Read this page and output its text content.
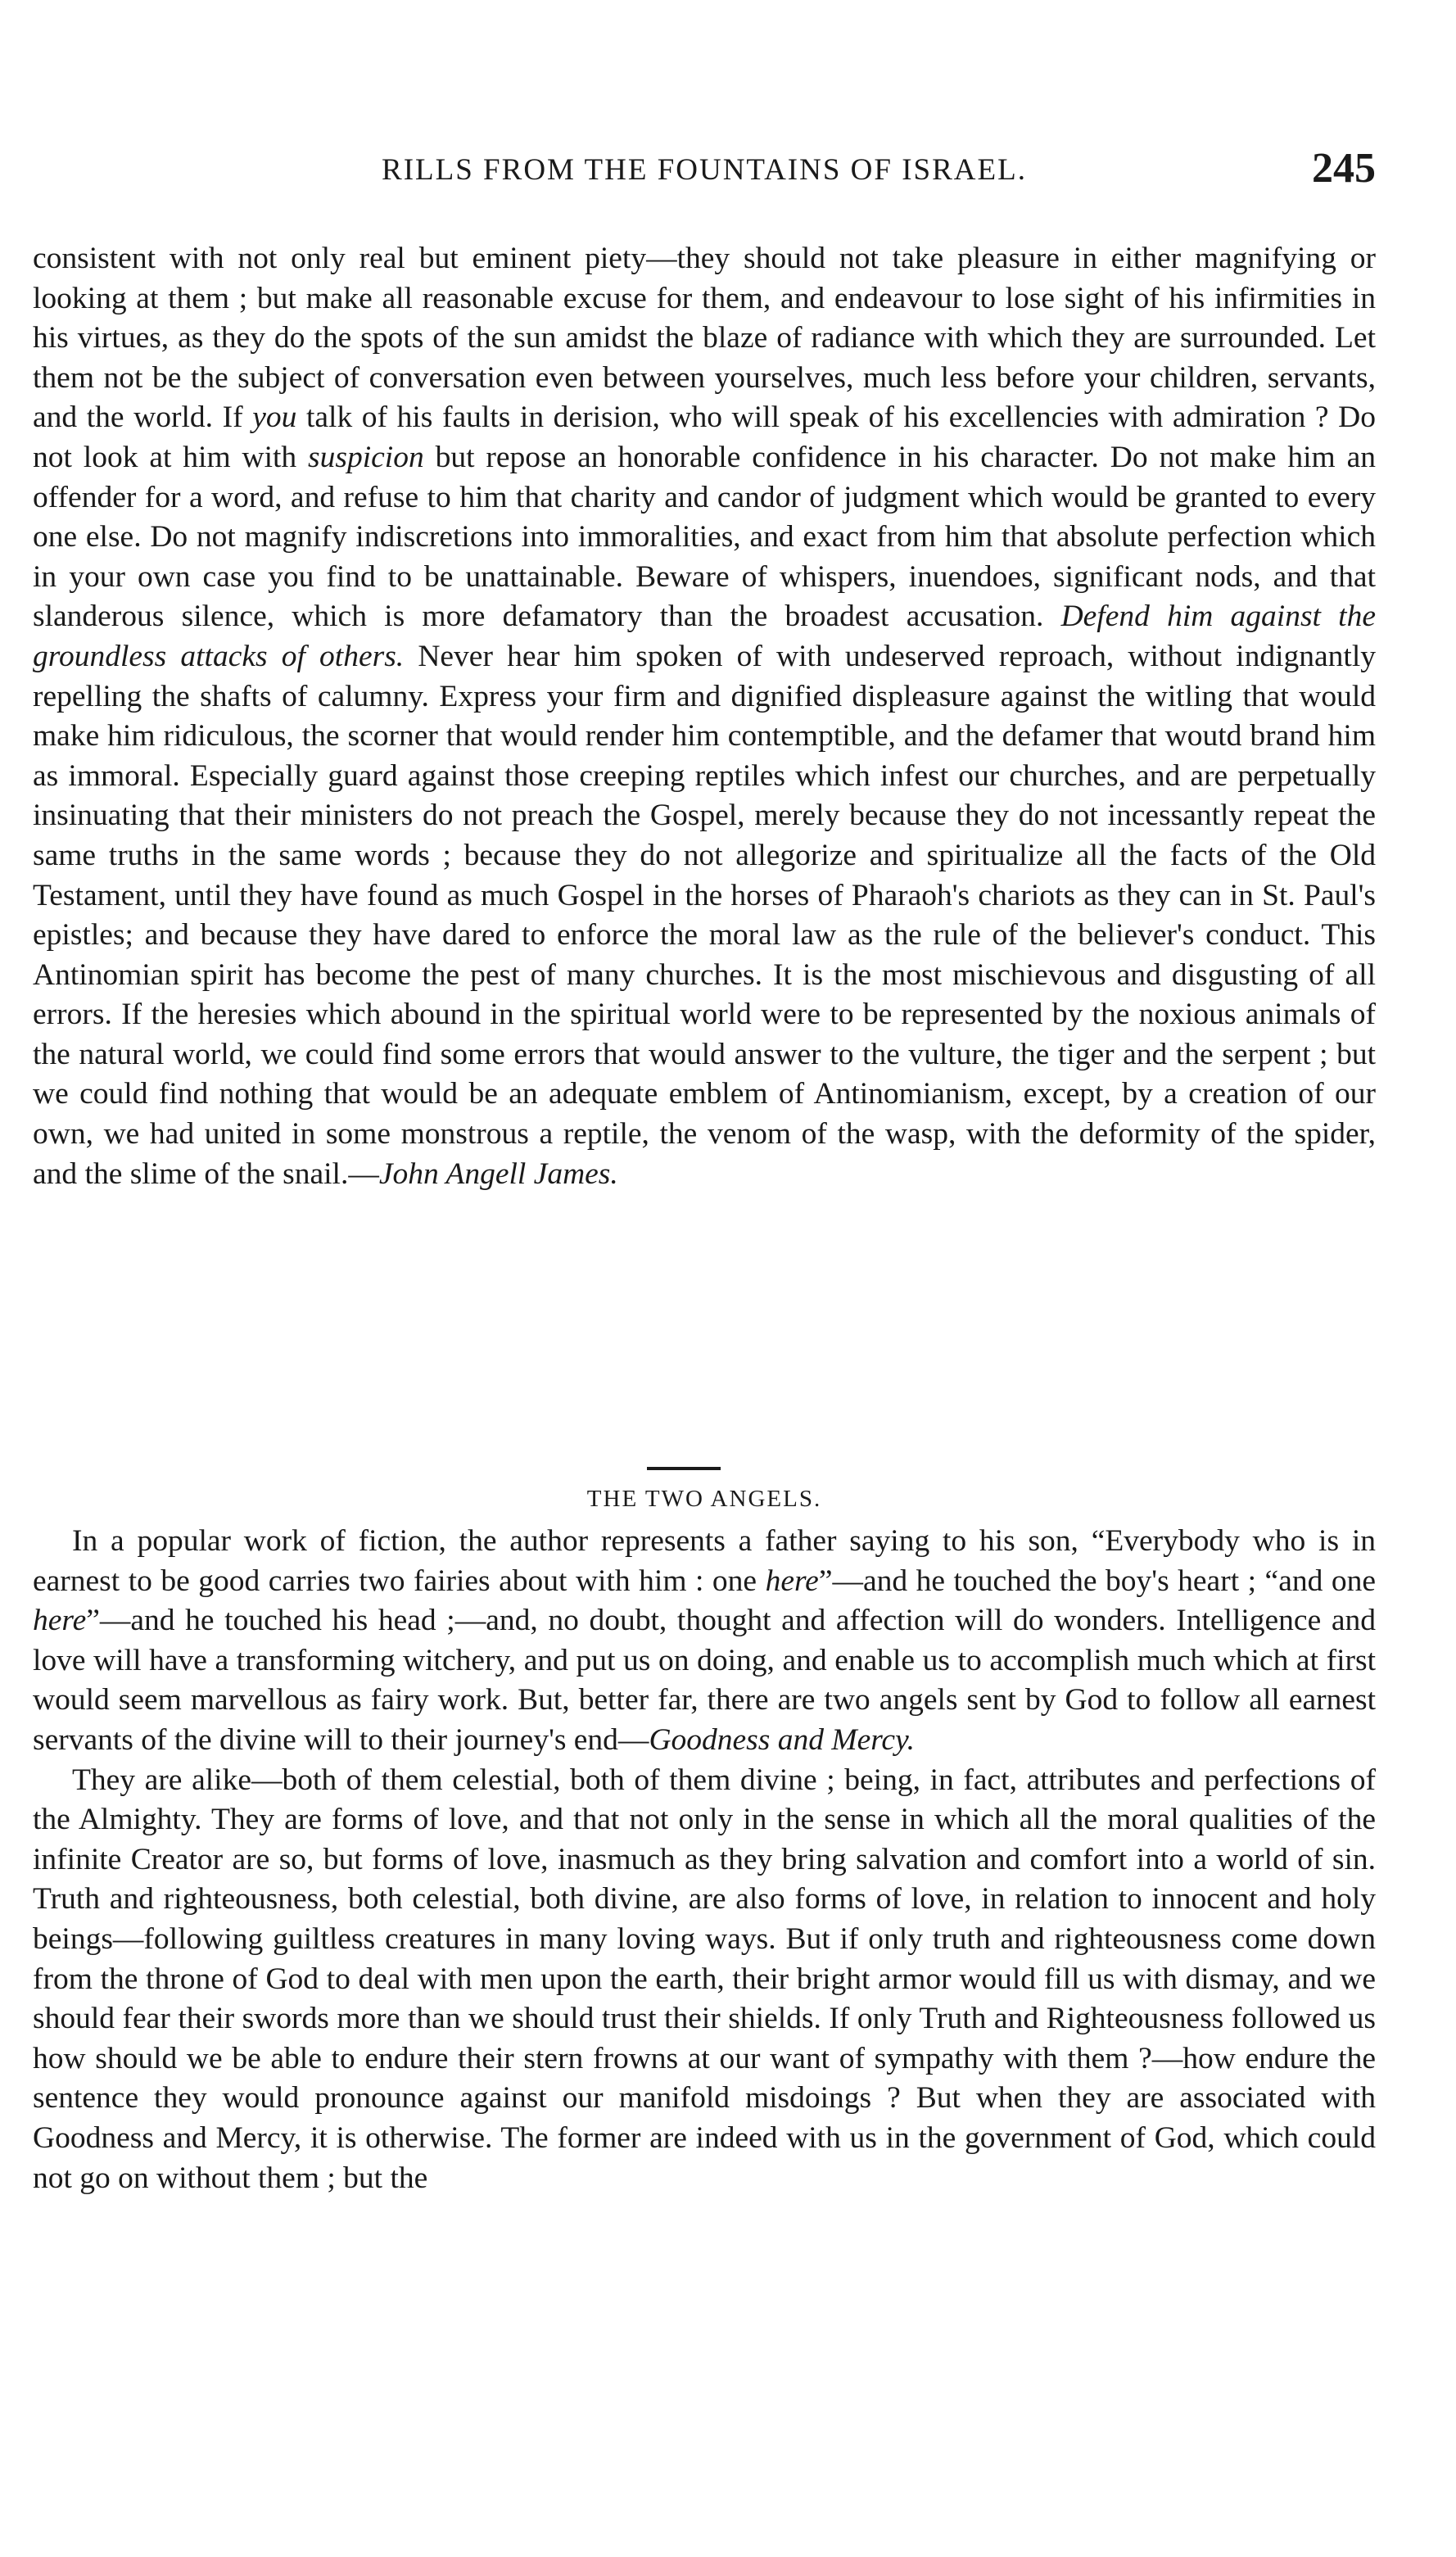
RILLS FROM THE FOUNTAINS OF ISRAEL.	245

consistent with not only real but eminent piety—they should not take pleasure in either magnifying or looking at them ; but make all reasonable excuse for them, and endeavour to lose sight of his infirmities in his virtues, as they do the spots of the sun amidst the blaze of radiance with which they are surrounded. Let them not be the subject of conversation even between yourselves, much less before your children, servants, and the world. If you talk of his faults in derision, who will speak of his excellencies with admiration ? Do not look at him with suspicion but repose an honorable confidence in his character. Do not make him an offender for a word, and refuse to him that charity and candor of judgment which would be granted to every one else. Do not magnify indiscretions into immoralities, and exact from him that absolute perfection which in your own case you find to be unattainable. Beware of whispers, inuendoes, significant nods, and that slanderous silence, which is more defamatory than the broadest accusation. Defend him against the groundless attacks of others. Never hear him spoken of with undeserved reproach, without indignantly repelling the shafts of calumny. Express your firm and dignified displeasure against the witling that would make him ridiculous, the scorner that would render him contemptible, and the defamer that woutd brand him as immoral. Especially guard against those creeping reptiles which infest our churches, and are perpetually insinuating that their ministers do not preach the Gospel, merely because they do not incessantly repeat the same truths in the same words ; because they do not allegorize and spiritualize all the facts of the Old Testament, until they have found as much Gospel in the horses of Pharaoh's chariots as they can in St. Paul's epistles; and because they have dared to enforce the moral law as the rule of the believer's conduct. This Antinomian spirit has become the pest of many churches. It is the most mischievous and disgusting of all errors. If the heresies which abound in the spiritual world were to be represented by the noxious animals of the natural world, we could find some errors that would answer to the vulture, the tiger and the serpent ; but we could find nothing that would be an adequate emblem of Antinomianism, except, by a creation of our own, we had united in some monstrous a reptile, the venom of the wasp, with the deformity of the spider, and the slime of the snail.—John Angell James.

THE TWO ANGELS.

In a popular work of fiction, the author represents a father saying to his son, “Everybody who is in earnest to be good carries two fairies about with him : one here”—and he touched the boy's heart ; “and one here”—and he touched his head ;—and, no doubt, thought and affection will do wonders. Intelligence and love will have a transforming witchery, and put us on doing, and enable us to accomplish much which at first would seem marvellous as fairy work. But, better far, there are two angels sent by God to follow all earnest servants of the divine will to their journey's end—Goodness and Mercy.

They are alike—both of them celestial, both of them divine ; being, in fact, attributes and perfections of the Almighty. They are forms of love, and that not only in the sense in which all the moral qualities of the infinite Creator are so, but forms of love, inasmuch as they bring salvation and comfort into a world of sin. Truth and righteousness, both celestial, both divine, are also forms of love, in relation to innocent and holy beings—following guiltless creatures in many loving ways. But if only truth and righteousness come down from the throne of God to deal with men upon the earth, their bright armor would fill us with dismay, and we should fear their swords more than we should trust their shields. If only Truth and Righteousness followed us how should we be able to endure their stern frowns at our want of sympathy with them ?—how endure the sentence they would pronounce against our manifold misdoings ? But when they are associated with Goodness and Mercy, it is otherwise. The former are indeed with us in the government of God, which could not go on without them ; but the
